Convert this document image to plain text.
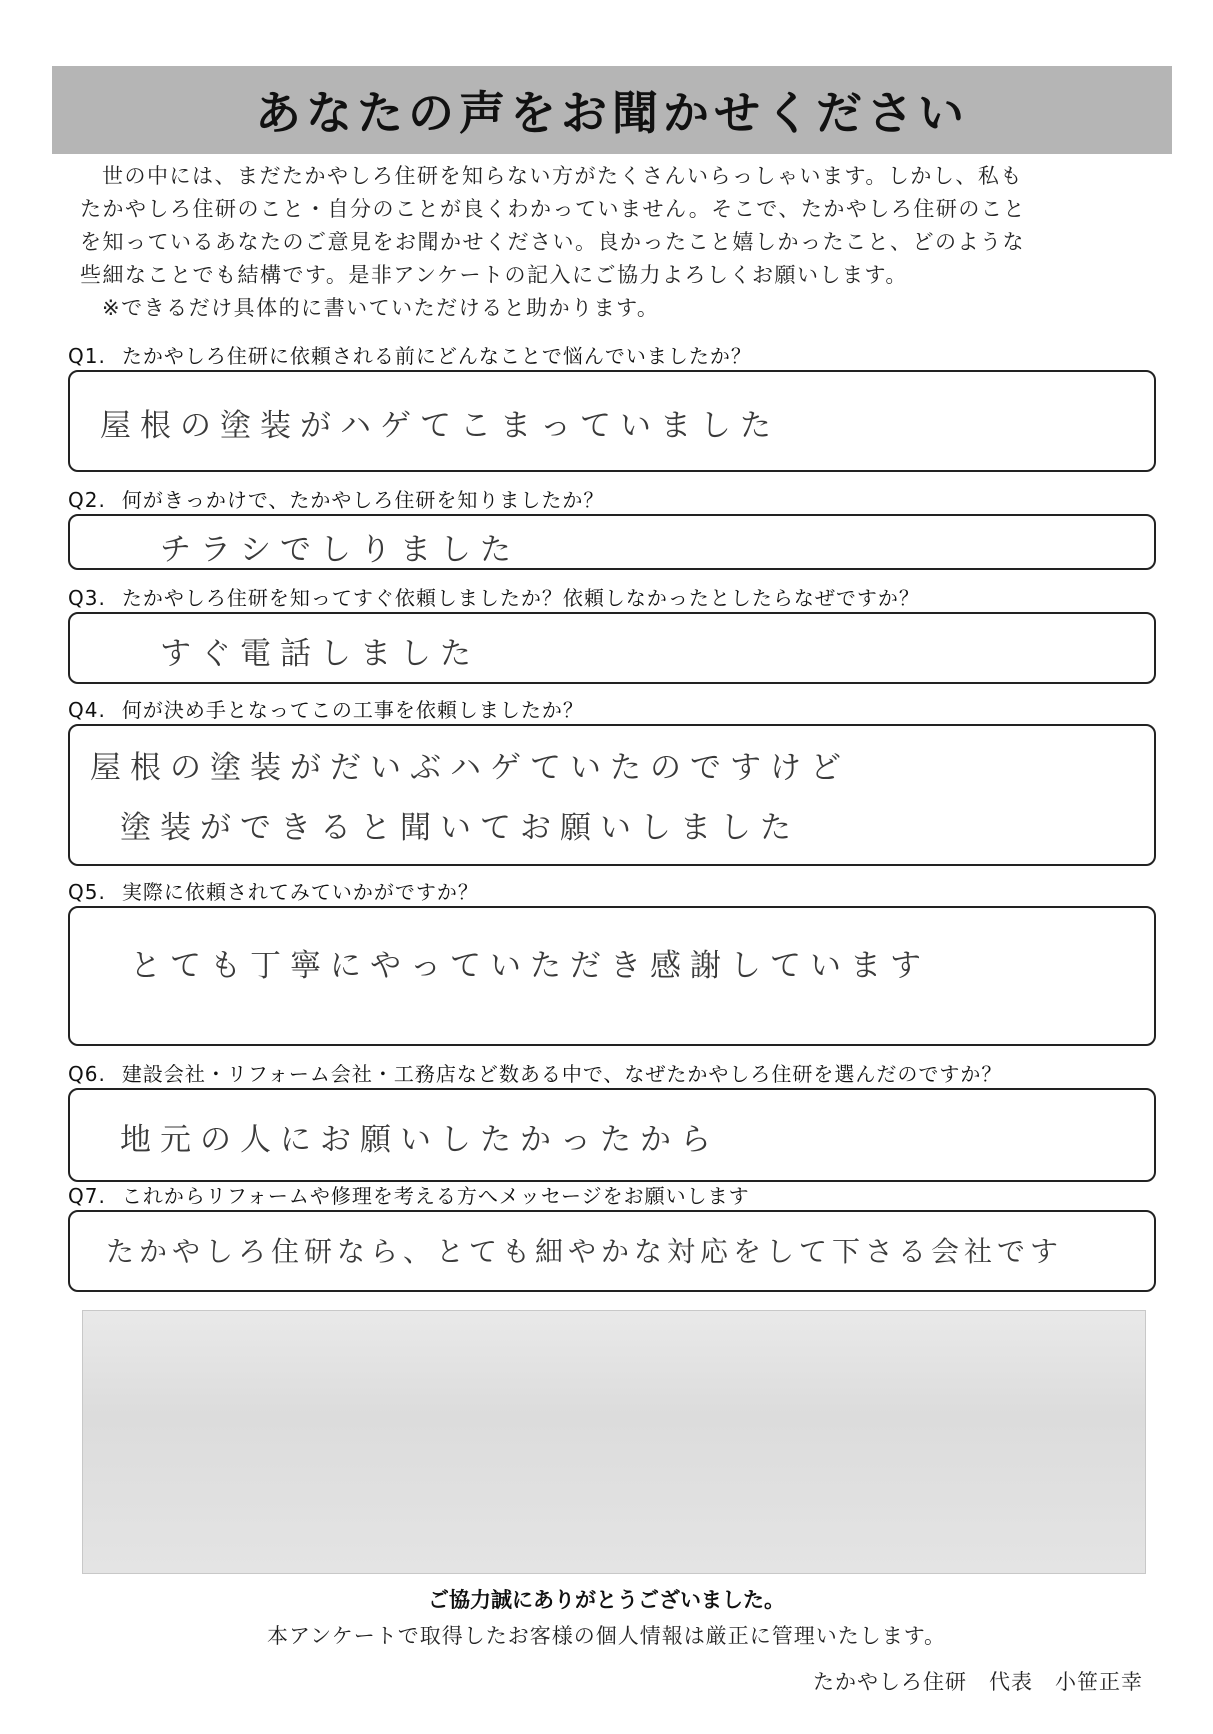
あなたの声をお聞かせください

世の中には、まだたかやしろ住研を知らない方がたくさんいらっしゃいます。しかし、私も

たかやしろ住研のこと・自分のことが良くわかっていません。そこで、たかやしろ住研のこと

を知っているあなたのご意見をお聞かせください。良かったこと嬉しかったこと、どのような

些細なことでも結構です。是非アンケートの記入にご協力よろしくお願いします。

※できるだけ具体的に書いていただけると助かります。

Q1. たかやしろ住研に依頼される前にどんなことで悩んでいましたか？
屋根の塗装がハゲてこまっていました
Q2. 何がきっかけで、たかやしろ住研を知りましたか？
チラシでしりました
Q3. たかやしろ住研を知ってすぐ依頼しましたか？依頼しなかったとしたらなぜですか？
すぐ電話しました
Q4. 何が決め手となってこの工事を依頼しましたか？
屋根の塗装がだいぶハゲていたのですけど
塗装ができると聞いてお願いしました
Q5. 実際に依頼されてみていかがですか？
とても丁寧にやっていただき感謝しています
Q6. 建設会社・リフォーム会社・工務店など数ある中で、なぜたかやしろ住研を選んだのですか？
地元の人にお願いしたかったから
Q7. これからリフォームや修理を考える方へメッセージをお願いします
たかやしろ住研なら、とても細やかな対応をして下さる会社です
ご協力誠にありがとうございました。
本アンケートで取得したお客様の個人情報は厳正に管理いたします。
たかやしろ住研　 代表　 小笹正幸
